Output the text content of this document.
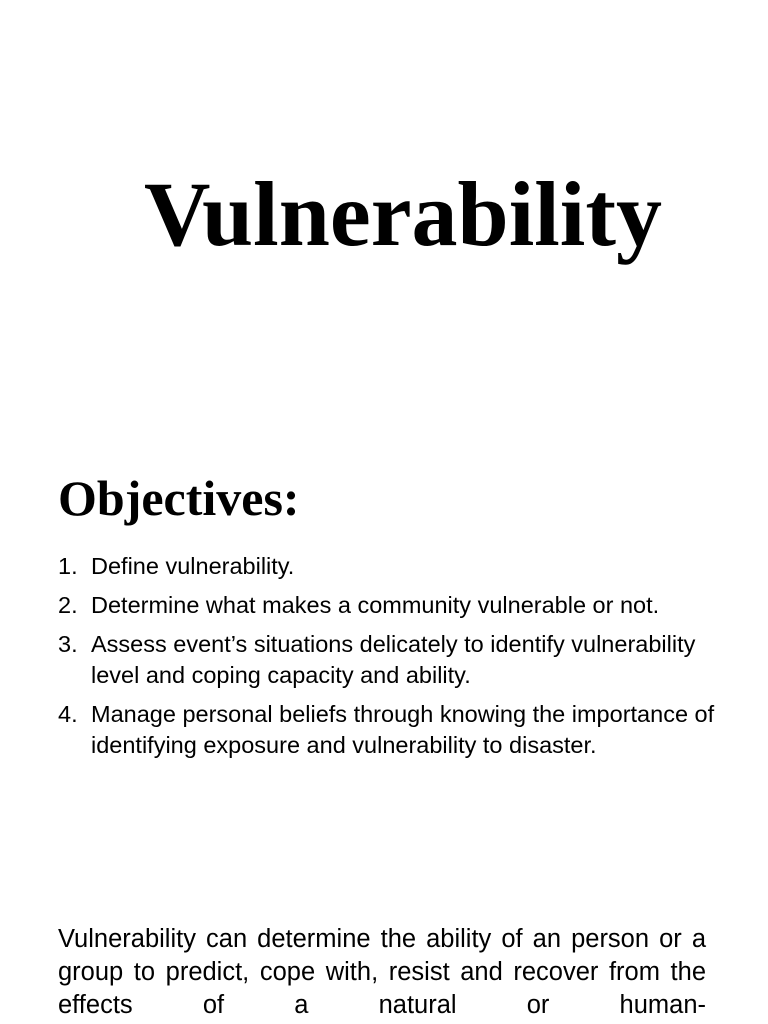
Vulnerability
Objectives:
1. Define vulnerability.
2. Determine what makes a community vulnerable or not.
3. Assess event’s situations delicately to identify vulnerability level and coping capacity and ability.
4. Manage personal beliefs through knowing the importance of identifying exposure and vulnerability to disaster.

Vulnerability can determine the ability of an person or a group to predict, cope with, resist and recover from the effects of a natural or human-
